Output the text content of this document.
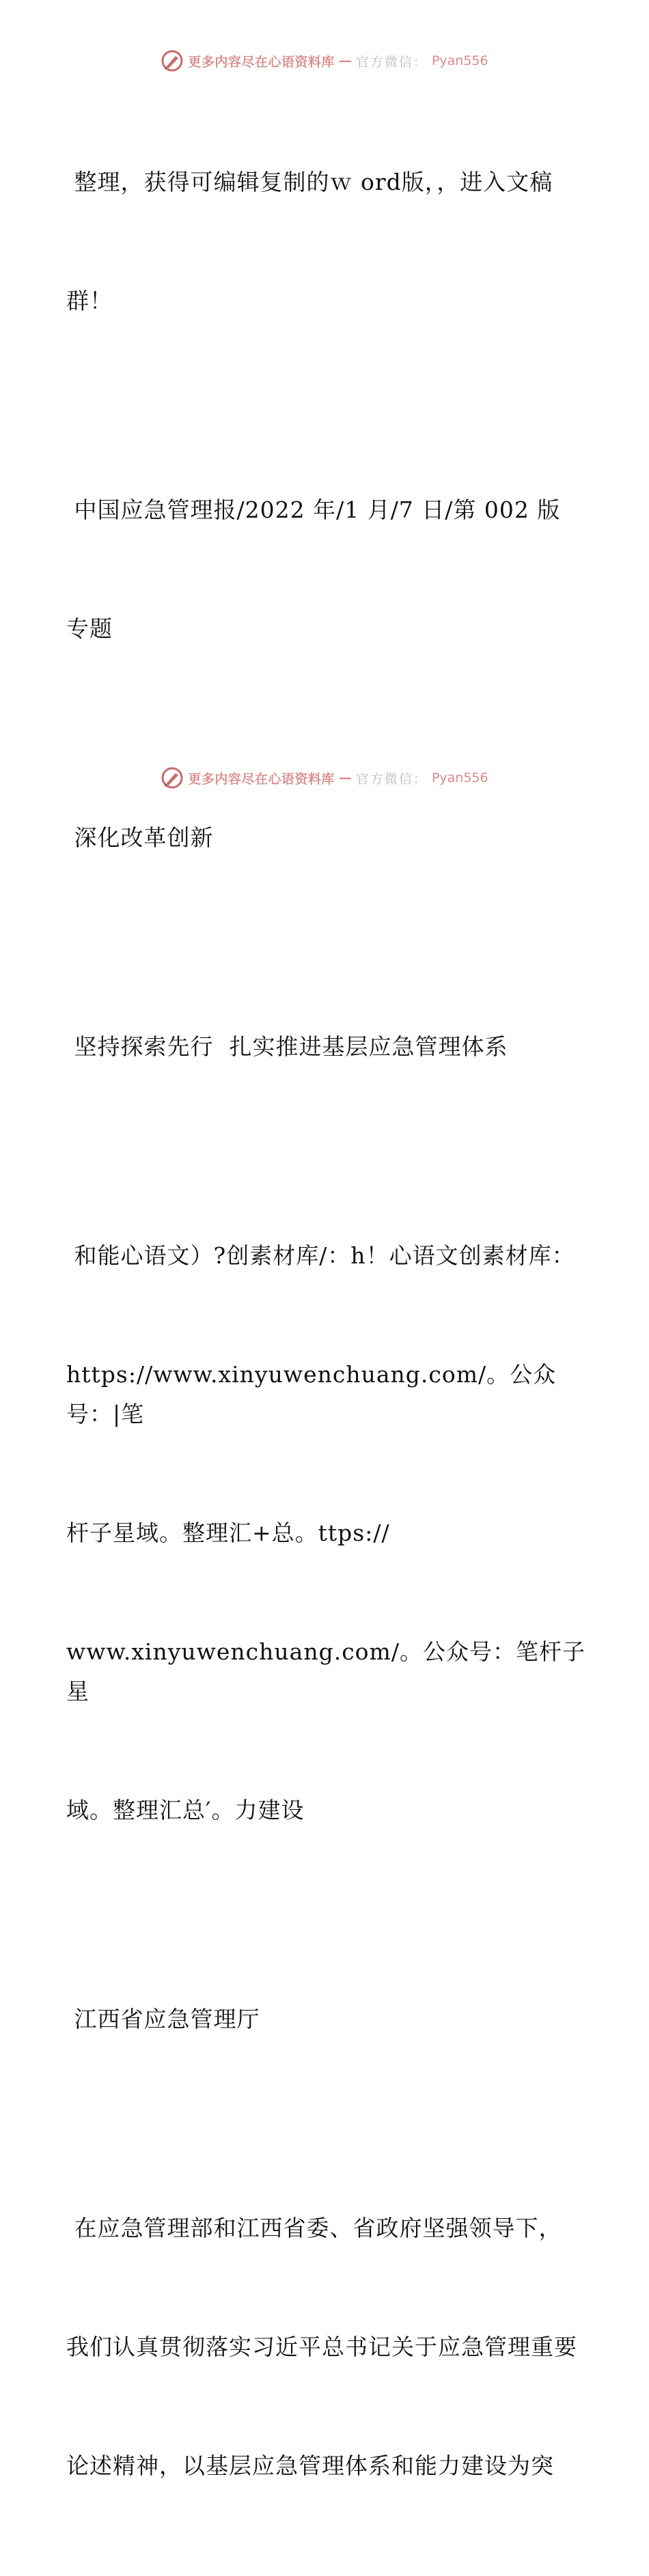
更多内容尽在心语资料库 — 官方微信： Pyan556

整理，获得可编辑复制的ｗ ord版，，进入文稿

群！

中国应急管理报/2022 年/1 月/7 日/第 002 版

专题

深化改革创新

坚持探索先行  扎实推进基层应急管理体系

和能心语文）?创素材库/：h！心语文创素材库：

https://www.xinyuwenchuang.com/。公众号：|笔

杆子星域。整理汇+总。ttps://

www.xinyuwenchuang.com/。公众号：笔杆子星

域。整理汇总′。力建设

江西省应急管理厅

在应急管理部和江西省委、省政府坚强领导下，

我们认真贯彻落实习近平总书记关于应急管理重要

论述精神，以基层应急管理体系和能力建设为突

更多内容尽在心语资料库 — 官方微信： Pyan556
